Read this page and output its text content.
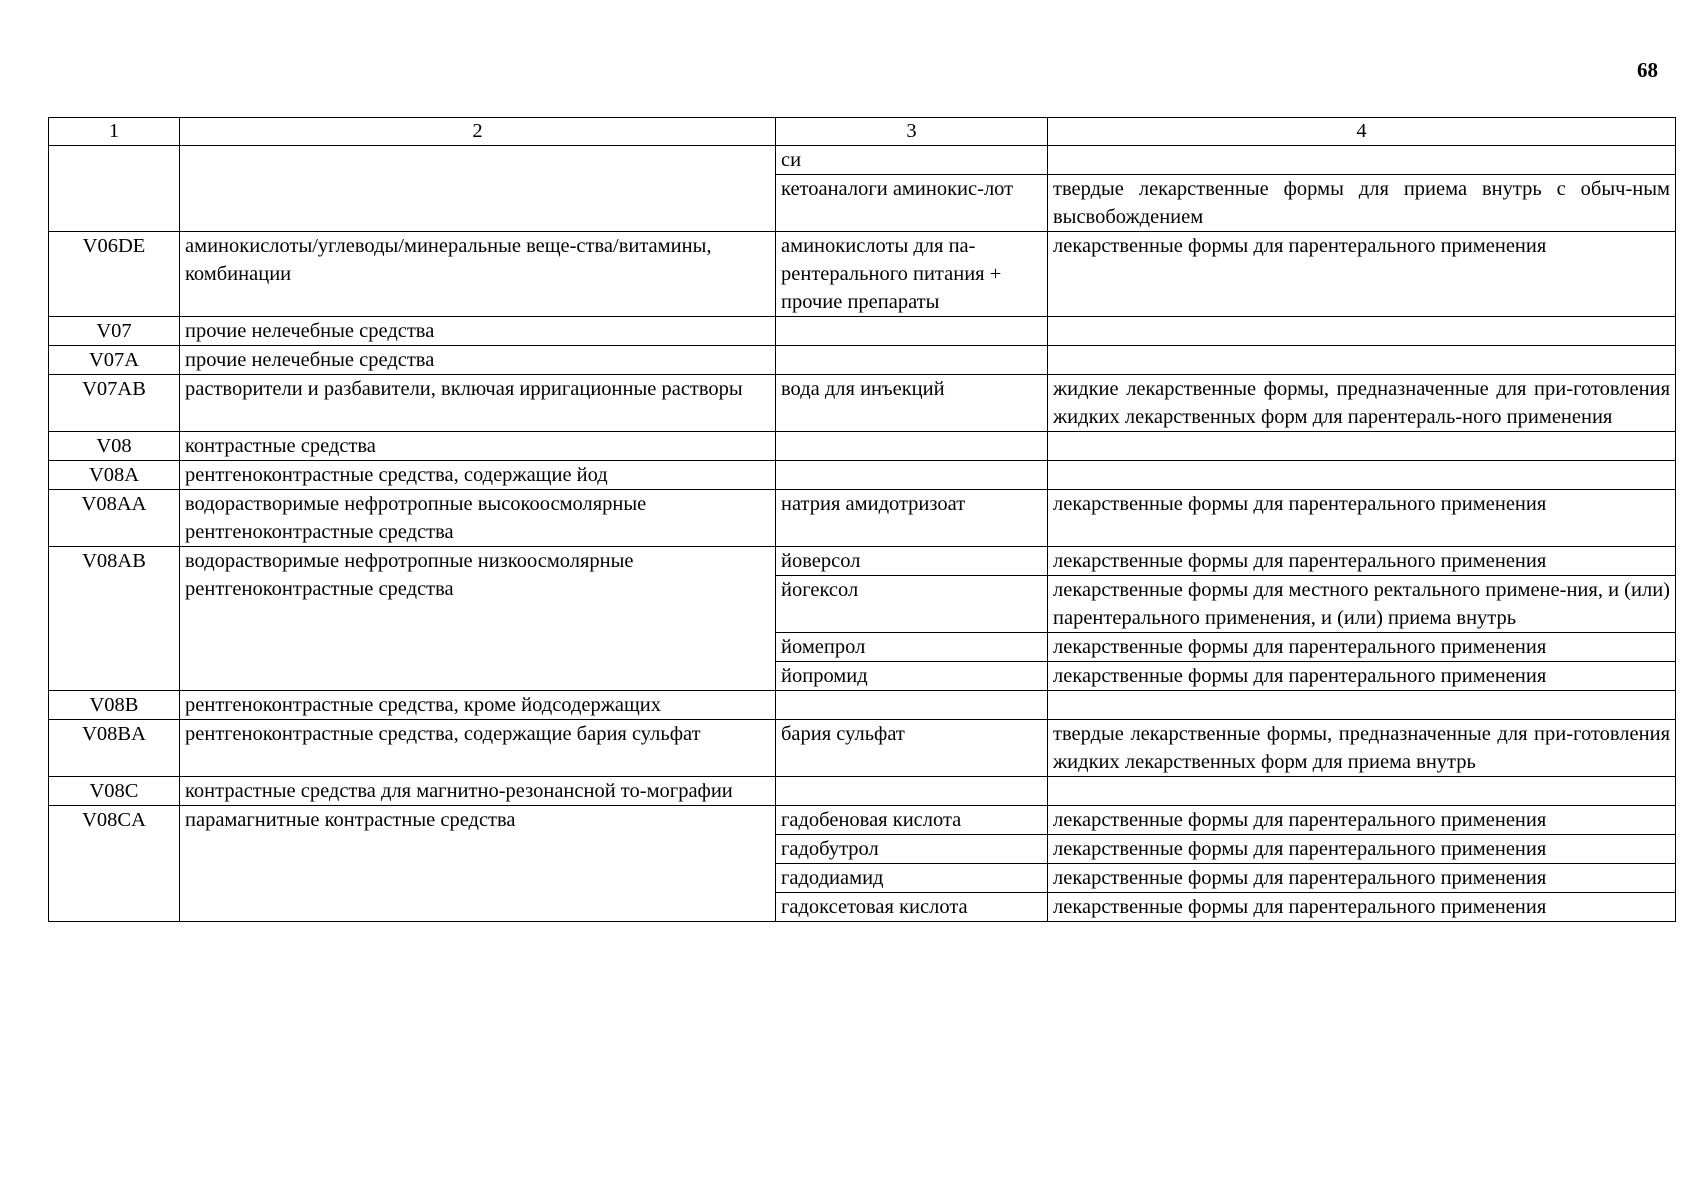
68
1	2	3	4
		си	
		кетоаналоги аминокис-лот	твердые лекарственные формы для приема внутрь с обыч-ным высвобождением
V06DE	аминокислоты/углеводы/минеральные веще-ства/витамины, комбинации	аминокислоты для па-рентерального питания + прочие препараты	лекарственные формы для парентерального применения
V07	прочие нелечебные средства		
V07A	прочие нелечебные средства		
V07AB	растворители и разбавители, включая ирригационные растворы	вода для инъекций	жидкие лекарственные формы, предназначенные для при-готовления жидких лекарственных форм для парентераль-ного применения
V08	контрастные средства		
V08A	рентгеноконтрастные средства, содержащие йод		
V08AA	водорастворимые нефротропные высокоосмолярные рентгеноконтрастные средства	натрия амидотризоат	лекарственные формы для парентерального применения
V08AB	водорастворимые нефротропные низкоосмолярные рентгеноконтрастные средства	йоверсол	лекарственные формы для парентерального применения
		йогексол	лекарственные формы для местного ректального примене-ния, и (или) парентерального применения, и (или) приема внутрь
		йомепрол	лекарственные формы для парентерального применения
		йопромид	лекарственные формы для парентерального применения
V08B	рентгеноконтрастные средства, кроме йодсодержащих		
V08BA	рентгеноконтрастные средства, содержащие бария сульфат	бария сульфат	твердые лекарственные формы, предназначенные для при-готовления жидких лекарственных форм для приема внутрь
V08C	контрастные средства для магнитно-резонансной то-мографии		
V08CA	парамагнитные контрастные средства	гадобеновая кислота	лекарственные формы для парентерального применения
		гадобутрол	лекарственные формы для парентерального применения
		гадодиамид	лекарственные формы для парентерального применения
		гадоксетовая кислота	лекарственные формы для парентерального применения
